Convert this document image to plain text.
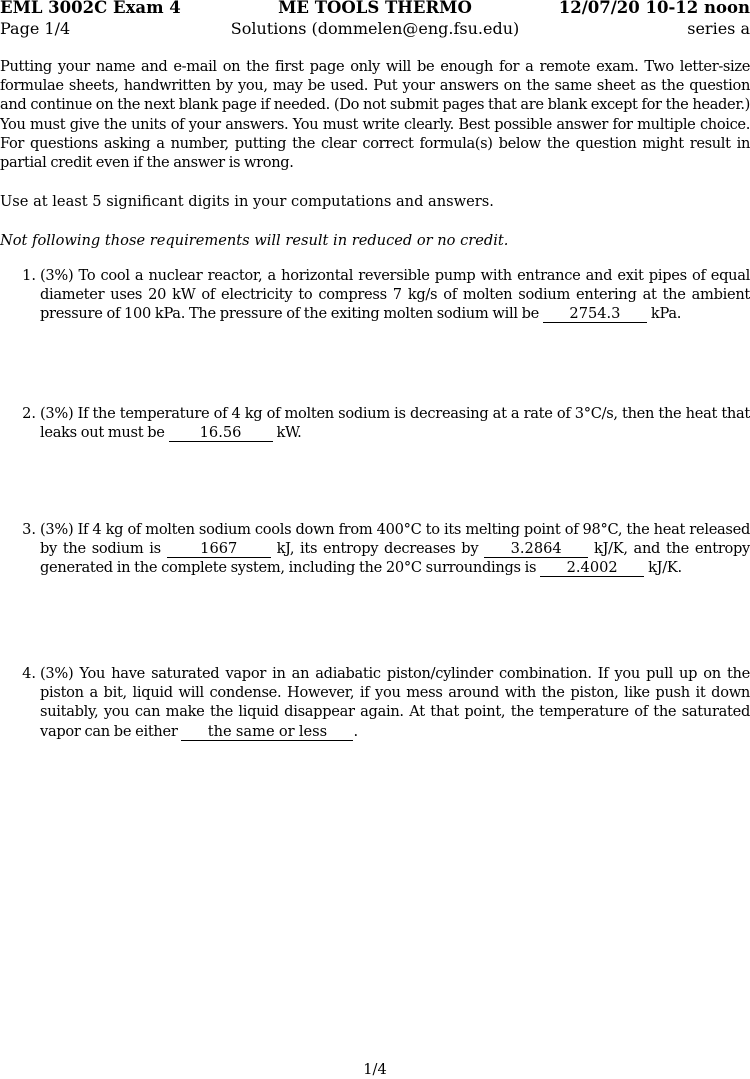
EML 3002C Exam 4	ME TOOLS THERMO	12/07/20 10-12 noon
Page 1/4	Solutions (dommelen@eng.fsu.edu)	series a
Putting your name and e-mail on the first page only will be enough for a remote exam. Two letter-size formulae sheets, handwritten by you, may be used. Put your answers on the same sheet as the question and continue on the next blank page if needed. (Do not submit pages that are blank except for the header.) You must give the units of your answers. You must write clearly. Best possible answer for multiple choice. For questions asking a number, putting the clear correct formula(s) below the question might result in partial credit even if the answer is wrong.
Use at least 5 significant digits in your computations and answers.
Not following those requirements will result in reduced or no credit.
1. (3%) To cool a nuclear reactor, a horizontal reversible pump with entrance and exit pipes of equal diameter uses 20 kW of electricity to compress 7 kg/s of molten sodium entering at the ambient pressure of 100 kPa. The pressure of the exiting molten sodium will be 2754.3 kPa.
2. (3%) If the temperature of 4 kg of molten sodium is decreasing at a rate of 3°C/s, then the heat that leaks out must be 16.56 kW.
3. (3%) If 4 kg of molten sodium cools down from 400°C to its melting point of 98°C, the heat released by the sodium is	1667	kJ, its entropy decreases by 3.2864 kJ/K, and the entropy generated in the complete system, including the 20°C surroundings is 2.4002 kJ/K.
4. (3%) You have saturated vapor in an adiabatic piston/cylinder combination. If you pull up on the piston a bit, liquid will condense. However, if you mess around with the piston, like push it down suitably, you can make the liquid disappear again. At that point, the temperature of the saturated vapor can be either the same or less .
1/4
